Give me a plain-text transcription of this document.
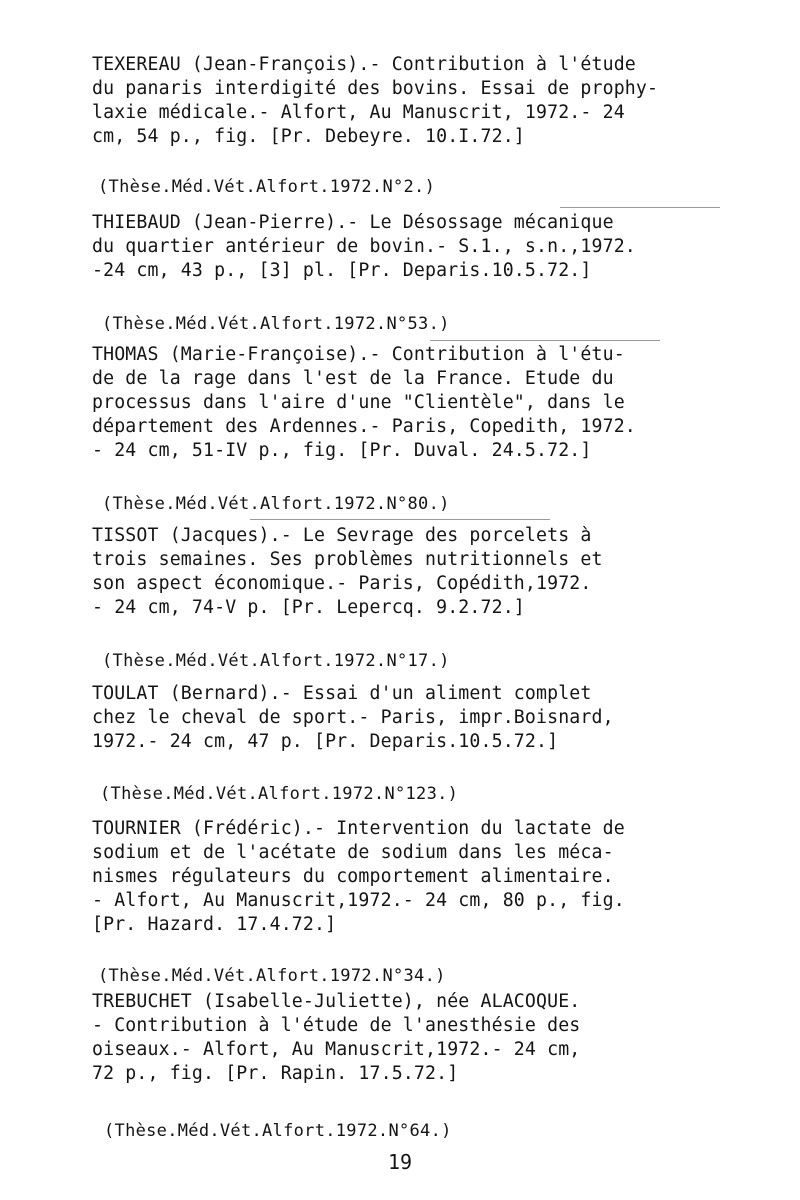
TEXEREAU (Jean-François).- Contribution à l'étude
du panaris interdigité des bovins. Essai de prophy-
laxie médicale.- Alfort, Au Manuscrit, 1972.- 24
cm, 54 p., fig. [Pr. Debeyre. 10.I.72.]
(Thèse.Méd.Vét.Alfort.1972.N°2.)
THIEBAUD (Jean-Pierre).- Le Désossage mécanique
du quartier antérieur de bovin.- S.1., s.n.,1972.
-24 cm, 43 p., [3] pl. [Pr. Deparis.10.5.72.]
(Thèse.Méd.Vét.Alfort.1972.N°53.)
THOMAS (Marie-Françoise).- Contribution à l'étu-
de de la rage dans l'est de la France. Etude du
processus dans l'aire d'une "Clientèle", dans le
département des Ardennes.- Paris, Copedith, 1972.
- 24 cm, 51-IV p., fig. [Pr. Duval. 24.5.72.]
(Thèse.Méd.Vét.Alfort.1972.N°80.)
TISSOT (Jacques).- Le Sevrage des porcelets à
trois semaines. Ses problèmes nutritionnels et
son aspect économique.- Paris, Copédith,1972.
- 24 cm, 74-V p. [Pr. Lepercq. 9.2.72.]
(Thèse.Méd.Vét.Alfort.1972.N°17.)
TOULAT (Bernard).- Essai d'un aliment complet
chez le cheval de sport.- Paris, impr.Boisnard,
1972.- 24 cm, 47 p. [Pr. Deparis.10.5.72.]
(Thèse.Méd.Vét.Alfort.1972.N°123.)
TOURNIER (Frédéric).- Intervention du lactate de
sodium et de l'acétate de sodium dans les méca-
nismes régulateurs du comportement alimentaire.
- Alfort, Au Manuscrit,1972.- 24 cm, 80 p., fig.
[Pr. Hazard. 17.4.72.]
(Thèse.Méd.Vét.Alfort.1972.N°34.)
TREBUCHET (Isabelle-Juliette), née ALACOQUE.
- Contribution à l'étude de l'anesthésie des
oiseaux.- Alfort, Au Manuscrit,1972.- 24 cm,
72 p., fig. [Pr. Rapin. 17.5.72.]
(Thèse.Méd.Vét.Alfort.1972.N°64.)
19
